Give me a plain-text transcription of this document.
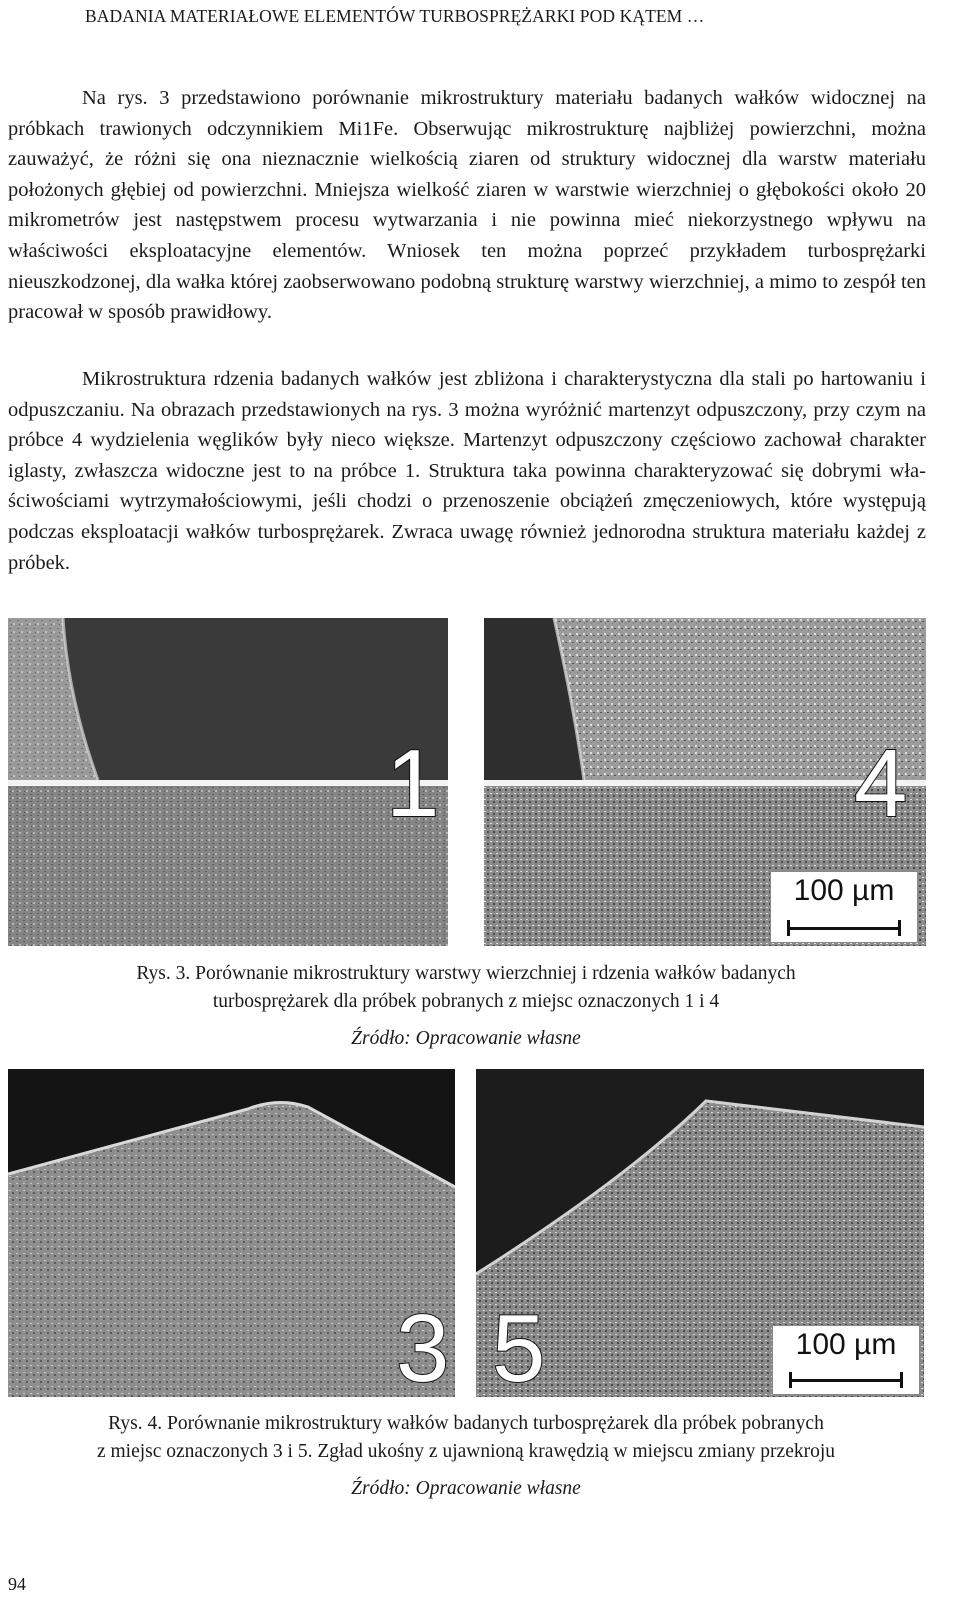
BADANIA MATERIAŁOWE ELEMENTÓW TURBOSPRĘŻARKI POD KĄTEM …

Na rys. 3 przedstawiono porównanie mikrostruktury materiału badanych wałków widocznej na próbkach trawionych odczynnikiem Mi1Fe. Obserwując mikrostrukturę najbliżej powierzchni, można zauważyć, że różni się ona nieznacznie wielkością ziaren od struktury widocznej dla warstw materiału położonych głębiej od powierzchni. Mniejsza wielkość ziaren w warstwie wierzchniej o głębokości około 20 mikrometrów jest następstwem procesu wytwarzania i nie powinna mieć niekorzystnego wpływu na właściwości eksploatacyjne elementów. Wniosek ten można poprzeć przykładem turbosprężarki nieuszkodzonej, dla wałka której zaobserwowano podobną strukturę warstwy wierzchniej, a mimo to zespół ten pracował w sposób prawidłowy.

Mikrostruktura rdzenia badanych wałków jest zbliżona i charakterystyczna dla stali po hartowaniu i odpuszczaniu. Na obrazach przedstawionych na rys. 3 można wyróżnić martenzyt odpuszczony, przy czym na próbce 4 wydzielenia węglików były nieco większe. Martenzyt odpuszczony częściowo zachował charakter iglasty, zwłaszcza widoczne jest to na próbce 1. Struktura taka powinna charakteryzować się dobrymi właściwościami wytrzymałościowymi, jeśli chodzi o przenoszenie obciążeń zmęczeniowych, które występują podczas eksploatacji wałków turbosprężarek. Zwraca uwagę również jednorodna struktura materiału każdej z próbek.

1	4
100 µm

Rys. 3. Porównanie mikrostruktury warstwy wierzchniej i rdzenia wałków badanych
turbosprężarek dla próbek pobranych z miejsc oznaczonych 1 i 4

Źródło: Opracowanie własne
3 5	100 µm

Rys. 4. Porównanie mikrostruktury wałków badanych turbosprężarek dla próbek pobranych
z miejsc oznaczonych 3 i 5. Zgład ukośny z ujawnioną krawędzią w miejscu zmiany przekroju

Źródło: Opracowanie własne
94
